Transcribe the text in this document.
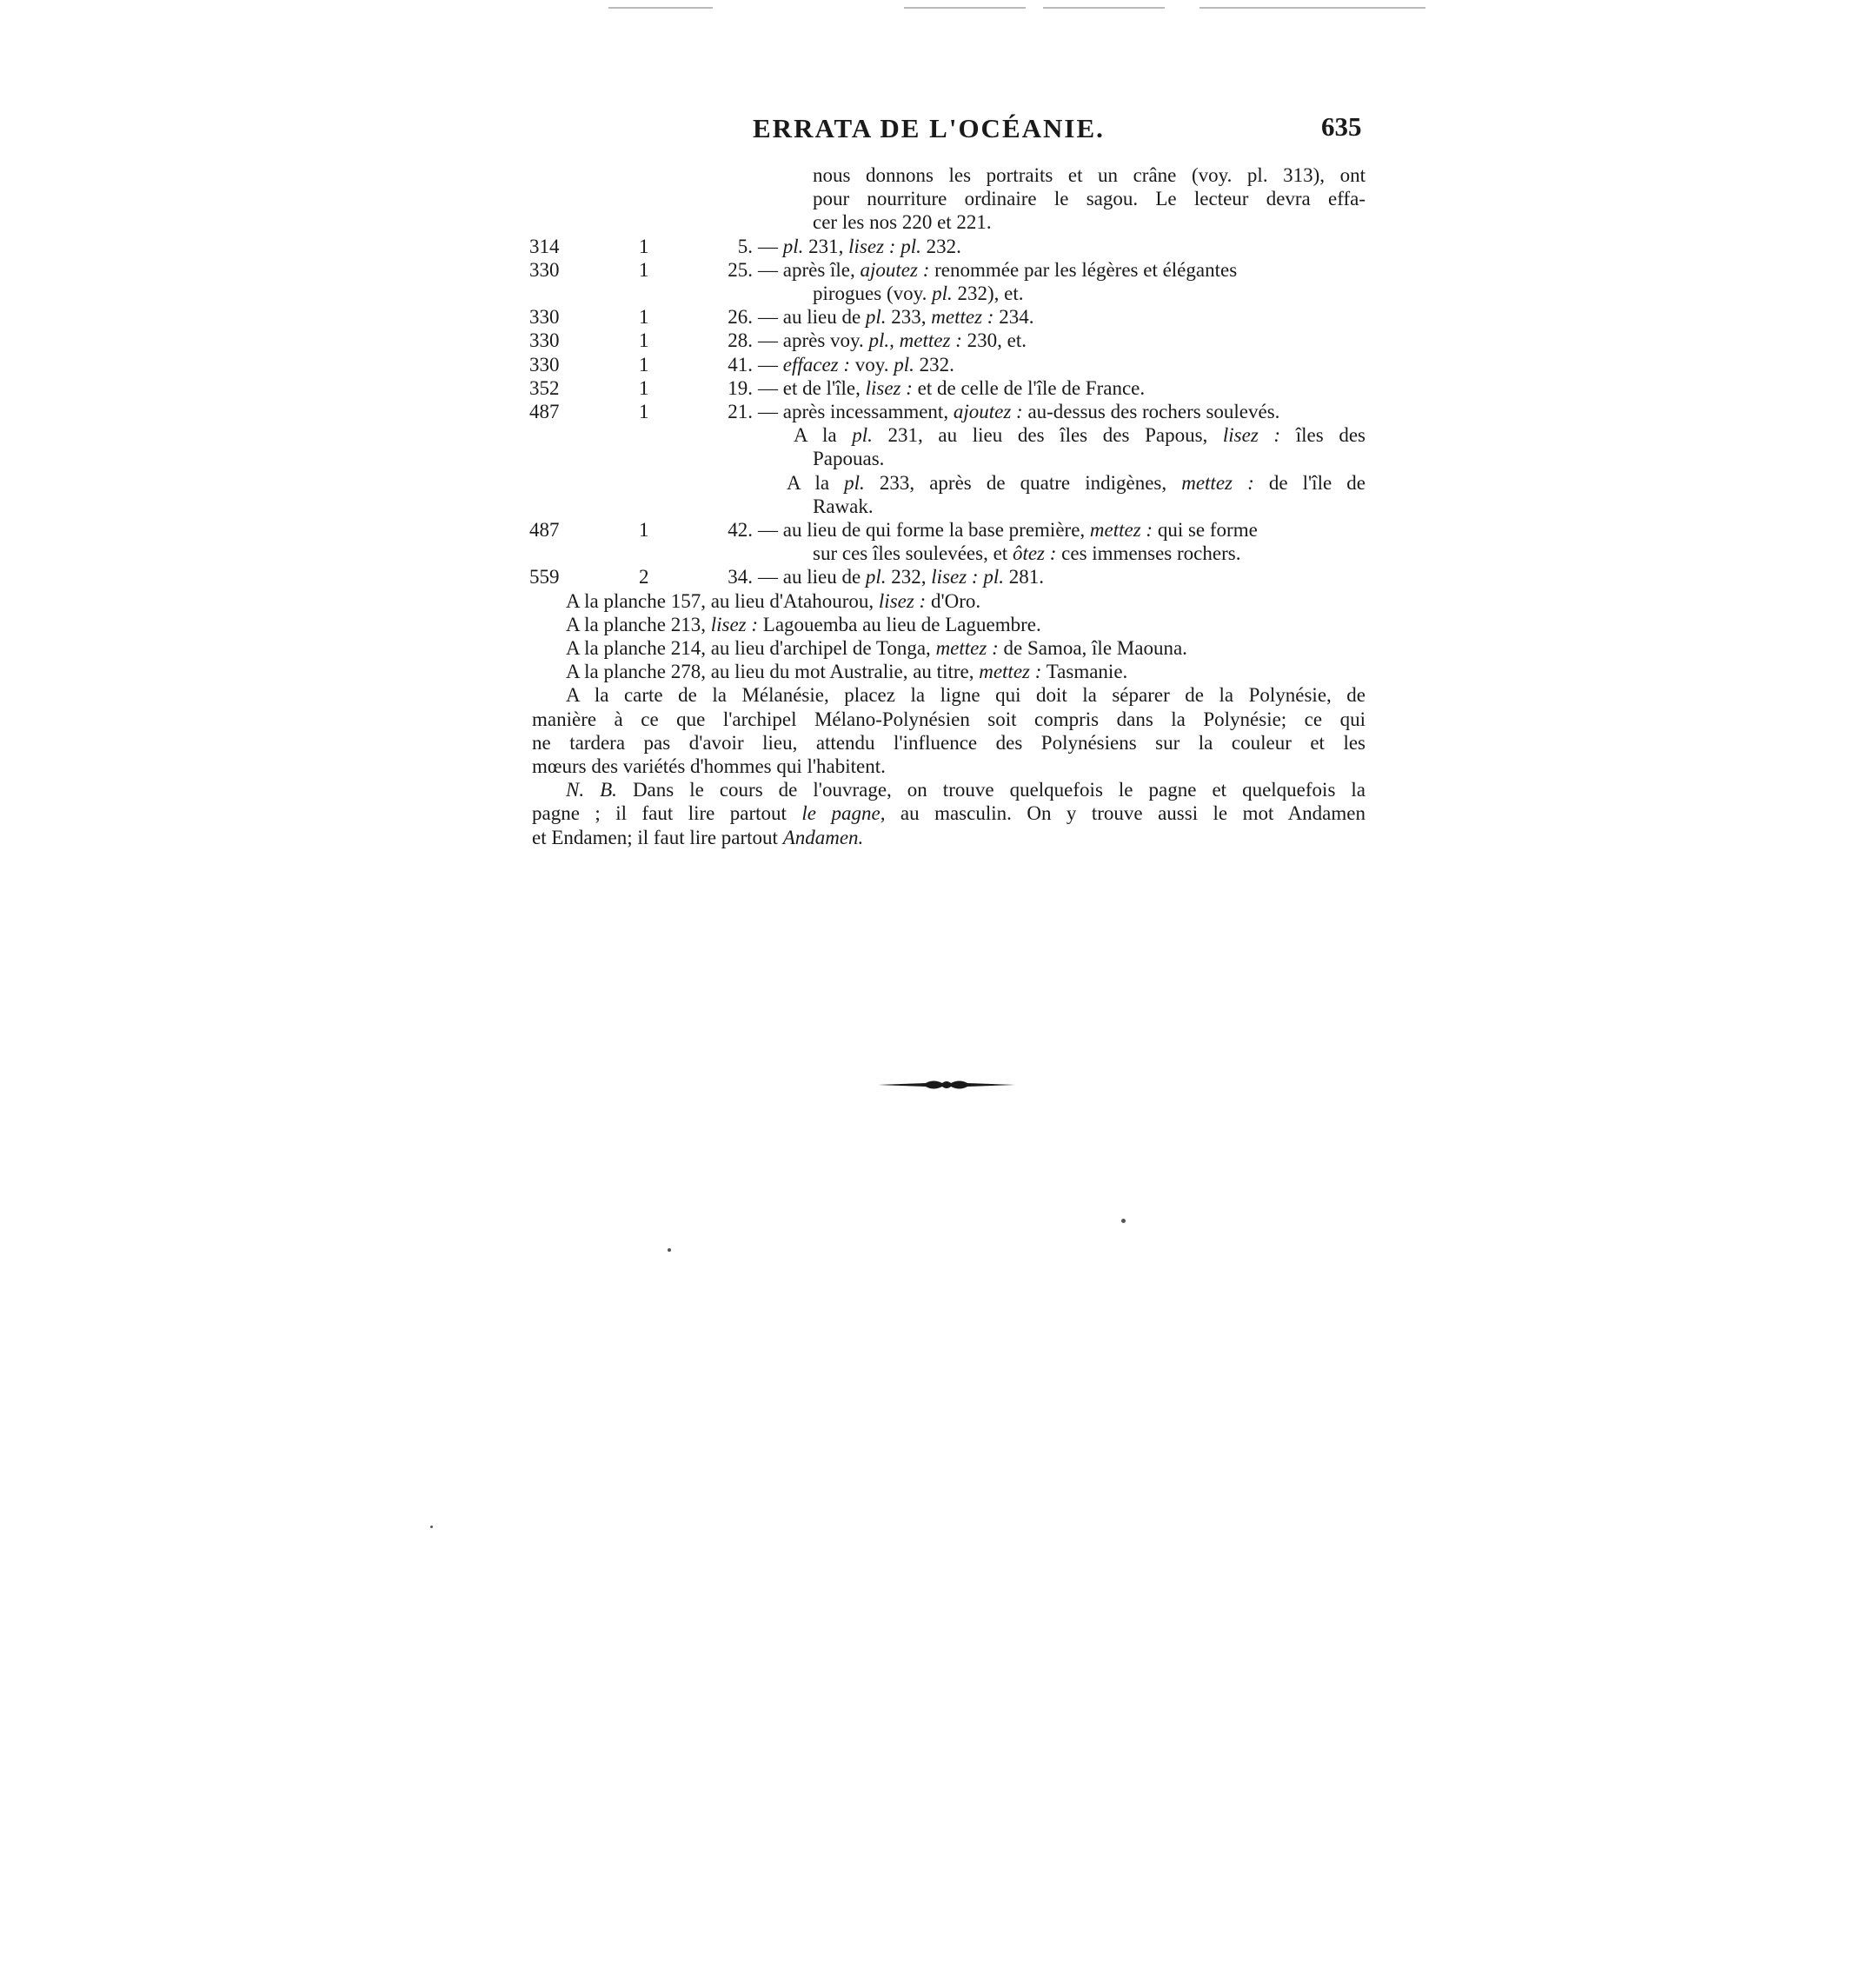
ERRATA DE L'OCÉANIE.	635
nous donnons les portraits et un crâne (voy. pl. 313), ont
pour nourriture ordinaire le sagou. Le lecteur devra effa-
cer les nos 220 et 221.
314	1	5. — pl. 231, lisez : pl. 232.
330	1	25. — après île, ajoutez : renommée par les légères et élégantes
pirogues (voy. pl. 232), et.
330	1	26. — au lieu de pl. 233, mettez : 234.
330	1	28. — après voy. pl., mettez : 230, et.
330	1	41. — effacez : voy. pl. 232.
352	1	19. — et de l'île, lisez : et de celle de l'île de France.
487	1	21. — après incessamment, ajoutez : au-dessus des rochers soulevés.
A la pl. 231, au lieu des îles des Papous, lisez : îles des
Papouas.
A la pl. 233, après de quatre indigènes, mettez : de l'île de
Rawak.
487	1	42. — au lieu de qui forme la base première, mettez : qui se forme
sur ces îles soulevées, et ôtez : ces immenses rochers.
559	2	34. — au lieu de pl. 232, lisez : pl. 281.
A la planche 157, au lieu d'Atahourou, lisez : d'Oro.
A la planche 213, lisez : Lagouemba au lieu de Laguembre.
A la planche 214, au lieu d'archipel de Tonga, mettez : de Samoa, île Maouna.
A la planche 278, au lieu du mot Australie, au titre, mettez : Tasmanie.
A la carte de la Mélanésie, placez la ligne qui doit la séparer de la Polynésie, de
manière à ce que l'archipel Mélano-Polynésien soit compris dans la Polynésie; ce qui
ne tardera pas d'avoir lieu, attendu l'influence des Polynésiens sur la couleur et les
mœurs des variétés d'hommes qui l'habitent.
N. B. Dans le cours de l'ouvrage, on trouve quelquefois le pagne et quelquefois la
pagne ; il faut lire partout le pagne, au masculin. On y trouve aussi le mot Andamen
et Endamen; il faut lire partout Andamen.
